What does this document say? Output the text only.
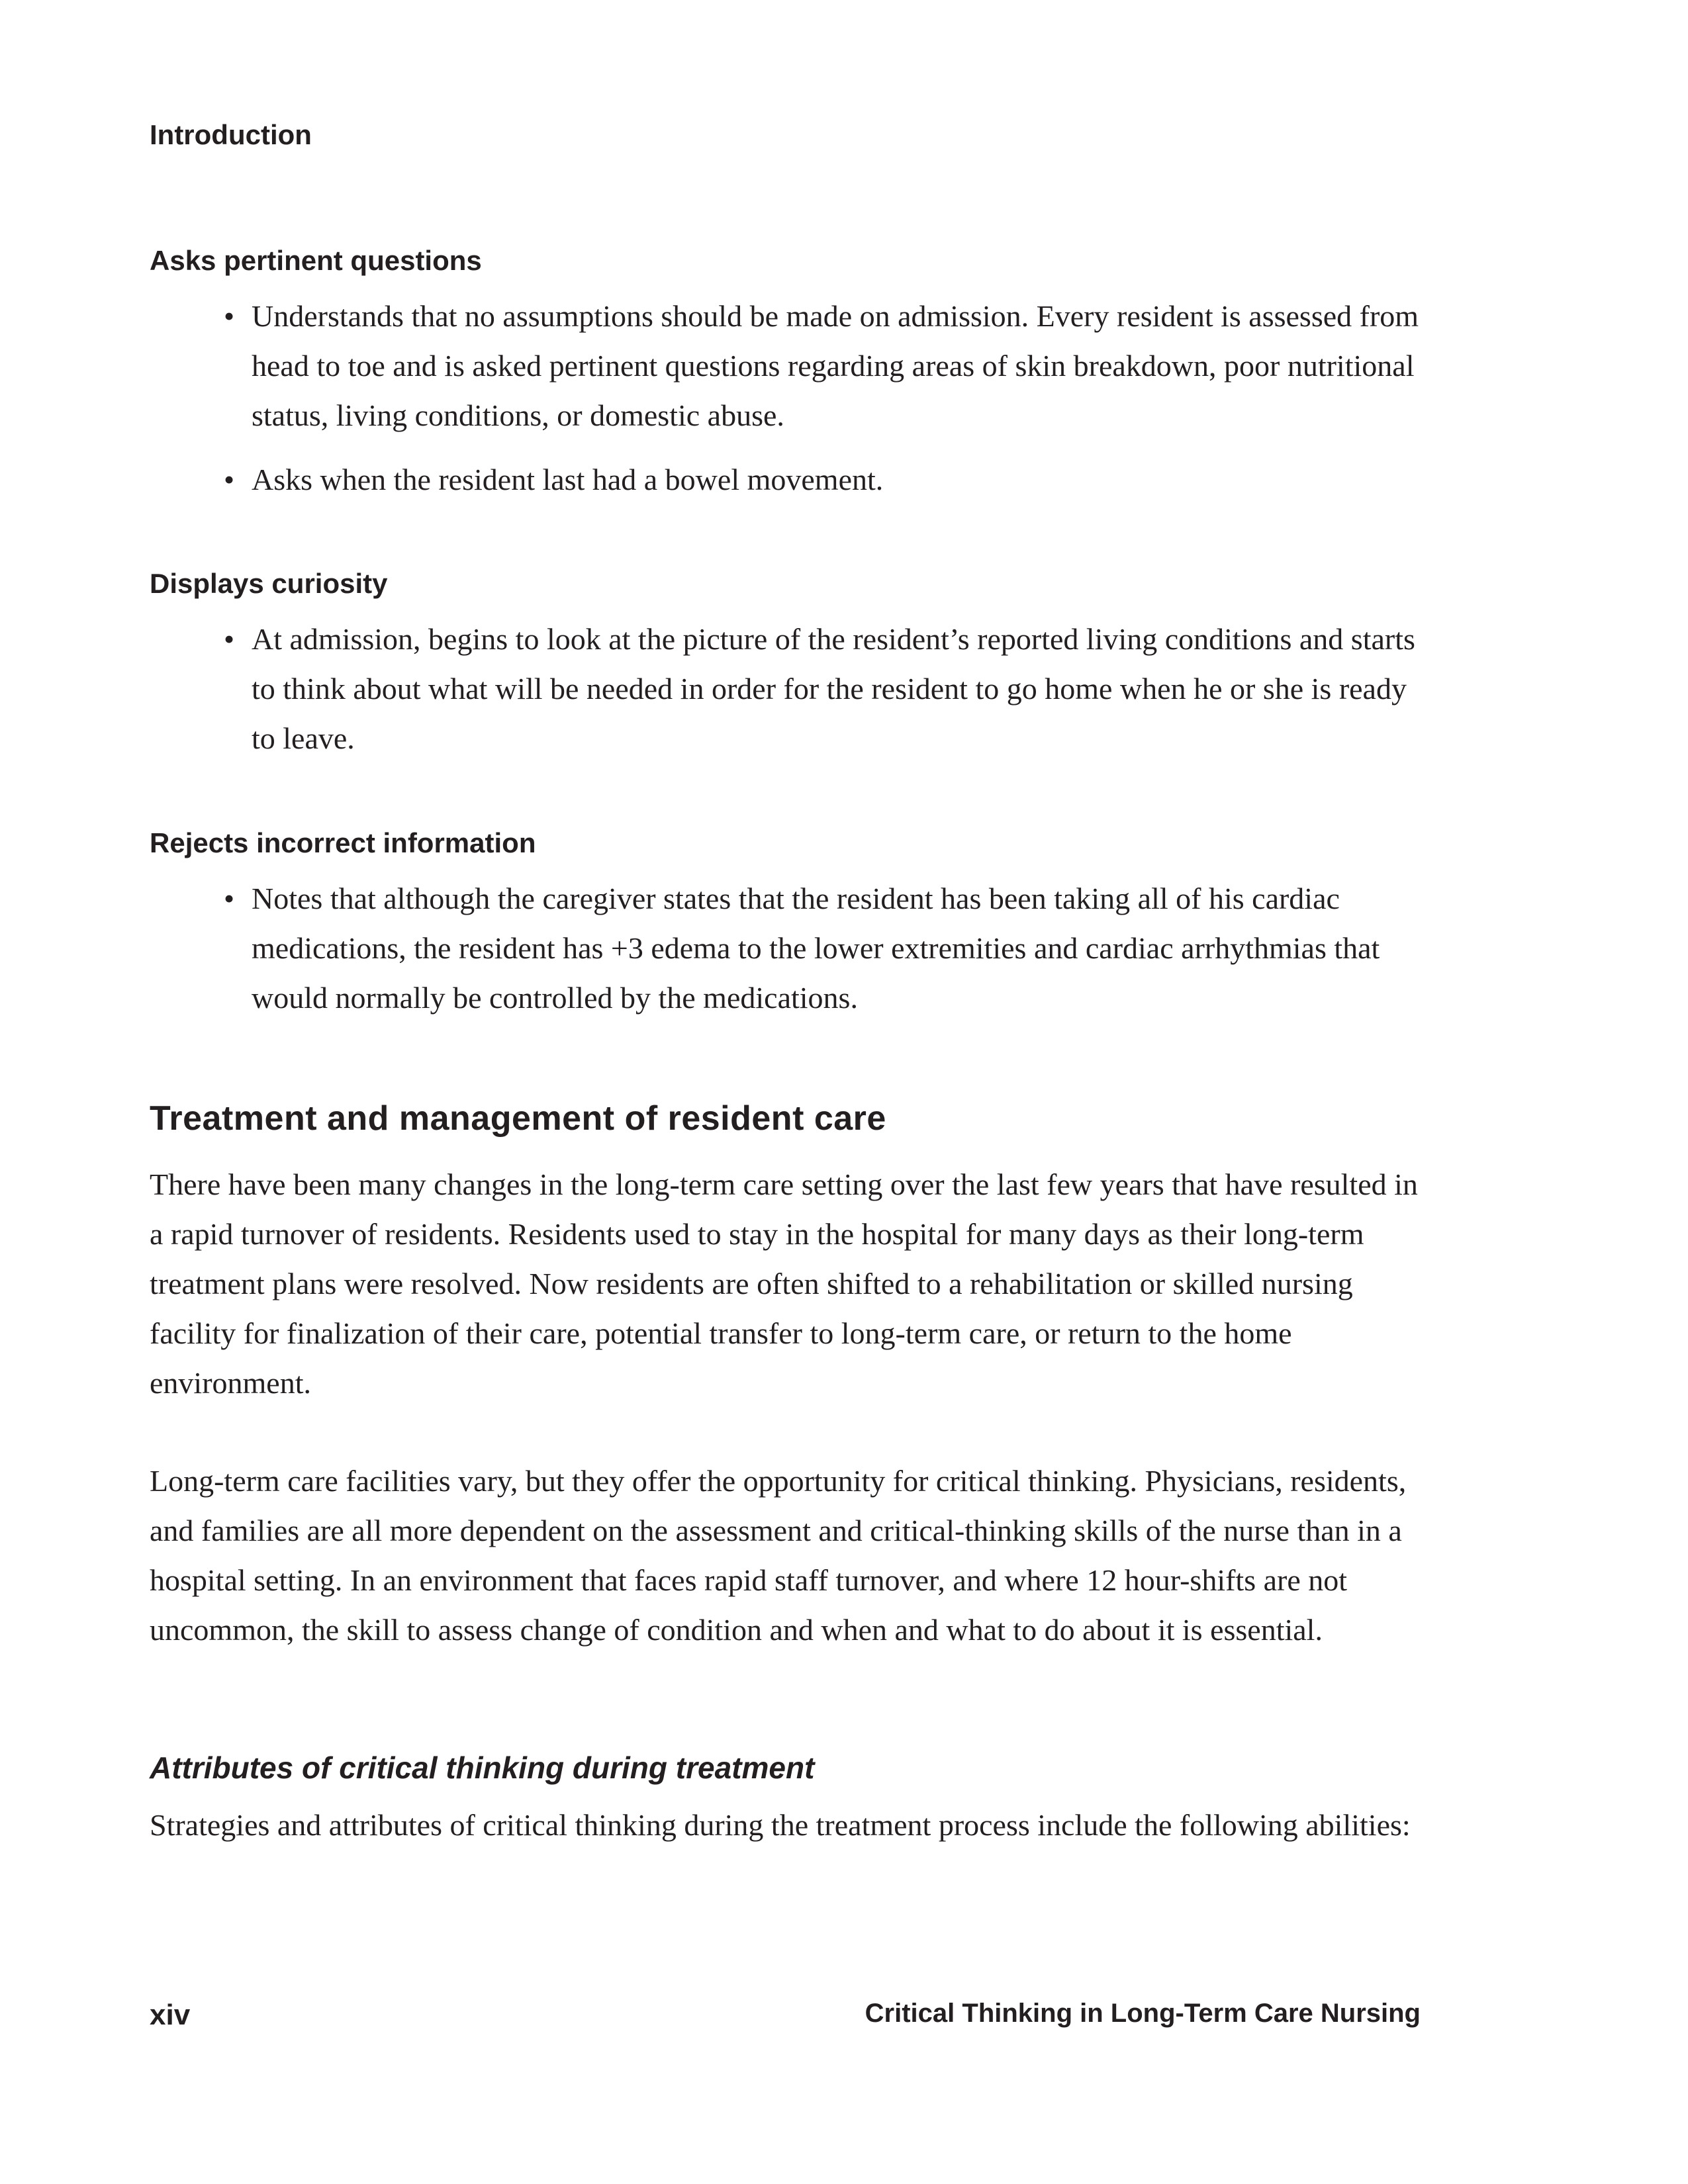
Introduction
Asks pertinent questions
• Understands that no assumptions should be made on admission. Every resident is assessed from head to toe and is asked pertinent questions regarding areas of skin breakdown, poor nutritional status, living conditions, or domestic abuse.
• Asks when the resident last had a bowel movement.
Displays curiosity
• At admission, begins to look at the picture of the resident’s reported living conditions and starts to think about what will be needed in order for the resident to go home when he or she is ready to leave.
Rejects incorrect information
• Notes that although the caregiver states that the resident has been taking all of his cardiac medications, the resident has +3 edema to the lower extremities and cardiac arrhythmias that would normally be controlled by the medications.
Treatment and management of resident care

There have been many changes in the long-term care setting over the last few years that have resulted in a rapid turnover of residents. Residents used to stay in the hospital for many days as their long-term treatment plans were resolved. Now residents are often shifted to a rehabilitation or skilled nursing facility for finalization of their care, potential transfer to long-term care, or return to the home environment.

Long-term care facilities vary, but they offer the opportunity for critical thinking. Physicians, residents, and families are all more dependent on the assessment and critical-thinking skills of the nurse than in a hospital setting. In an environment that faces rapid staff turnover, and where 12 hour-shifts are not uncommon, the skill to assess change of condition and when and what to do about it is essential.

Attributes of critical thinking during treatment

Strategies and attributes of critical thinking during the treatment process include the following abilities:

xiv	Critical Thinking in Long-Term Care Nursing
